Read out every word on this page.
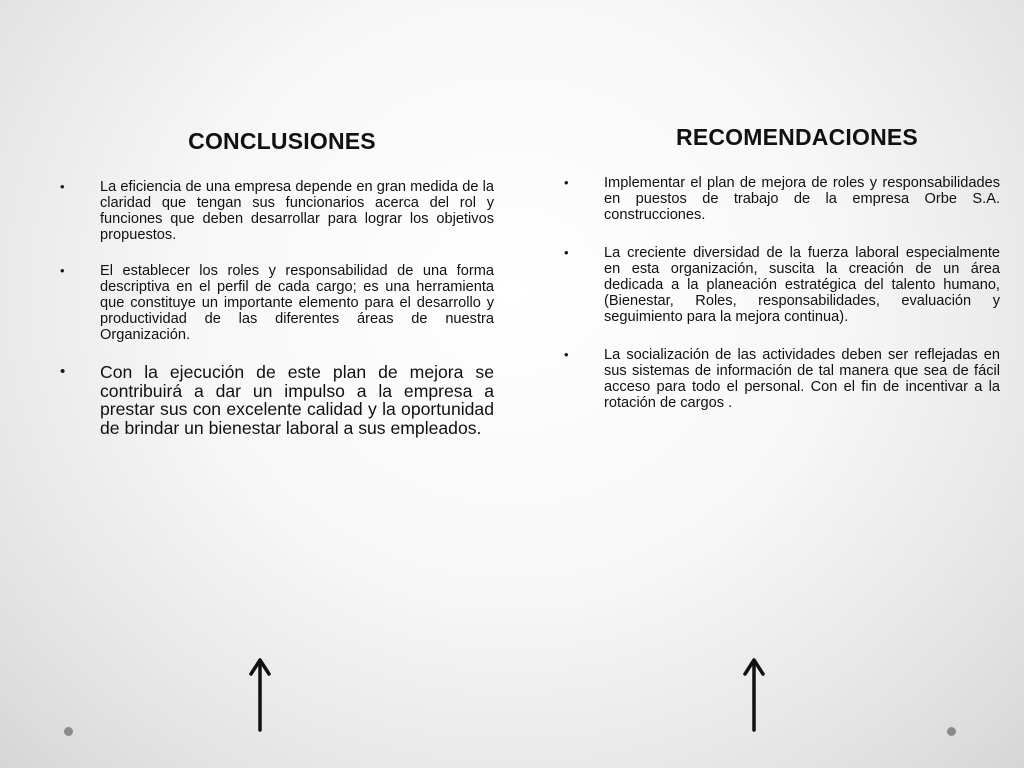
CONCLUSIONES
• La eficiencia de una empresa depende en gran medida de la claridad que tengan sus funcionarios acerca del rol y funciones que deben desarrollar para lograr los objetivos propuestos.
• El establecer los roles y responsabilidad de una forma descriptiva en el perfil de cada cargo; es una herramienta que constituye un importante elemento para el desarrollo y productividad de las diferentes áreas de nuestra Organización.
• Con la ejecución de este plan de mejora se contribuirá a dar un impulso a la empresa a prestar sus con excelente calidad y la oportunidad de brindar un bienestar laboral a sus empleados.
RECOMENDACIONES
• Implementar el plan de mejora de roles y responsabilidades en puestos de trabajo de la empresa Orbe S.A. construcciones.
• La creciente diversidad de la fuerza laboral especialmente en esta organización, suscita la creación de un área dedicada a la planeación estratégica del talento humano, (Bienestar, Roles, responsabilidades, evaluación y seguimiento para la mejora continua).
• La socialización de las actividades deben ser reflejadas en sus sistemas de información de tal manera que sea de fácil acceso para todo el personal. Con el fin de incentivar a la rotación de cargos .
